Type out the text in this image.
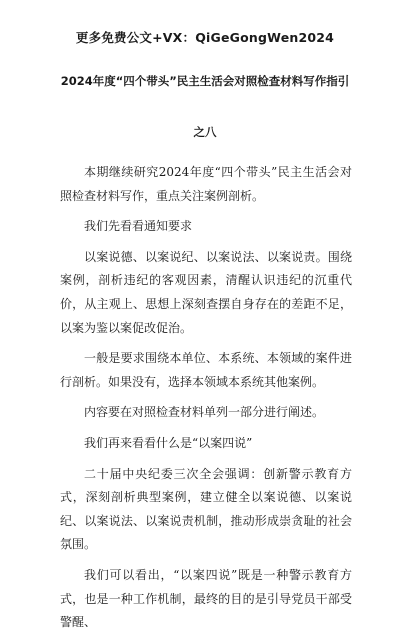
更多免费公文+VX：QiGeGongWen2024
2024年度“四个带头”民主生活会对照检查材料写作指引
之八

本期继续研究2024年度“四个带头”民主生活会对照检查材料写作，重点关注案例剖析。

我们先看看通知要求

以案说德、以案说纪、以案说法、以案说责。围绕案例，剖析违纪的客观因素，清醒认识违纪的沉重代价，从主观上、思想上深刻查摆自身存在的差距不足，以案为鉴以案促改促治。

一般是要求围绕本单位、本系统、本领域的案件进行剖析。如果没有，选择本领域本系统其他案例。

内容要在对照检查材料单列一部分进行阐述。

我们再来看看什么是“以案四说”

二十届中央纪委三次全会强调：创新警示教育方式，深刻剖析典型案例，建立健全以案说德、以案说纪、以案说法、以案说责机制，推动形成崇贪耻的社会氛围。

我们可以看出，“以案四说”既是一种警示教育方式，也是一种工作机制，最终的目的是引导党员干部受警醒、
